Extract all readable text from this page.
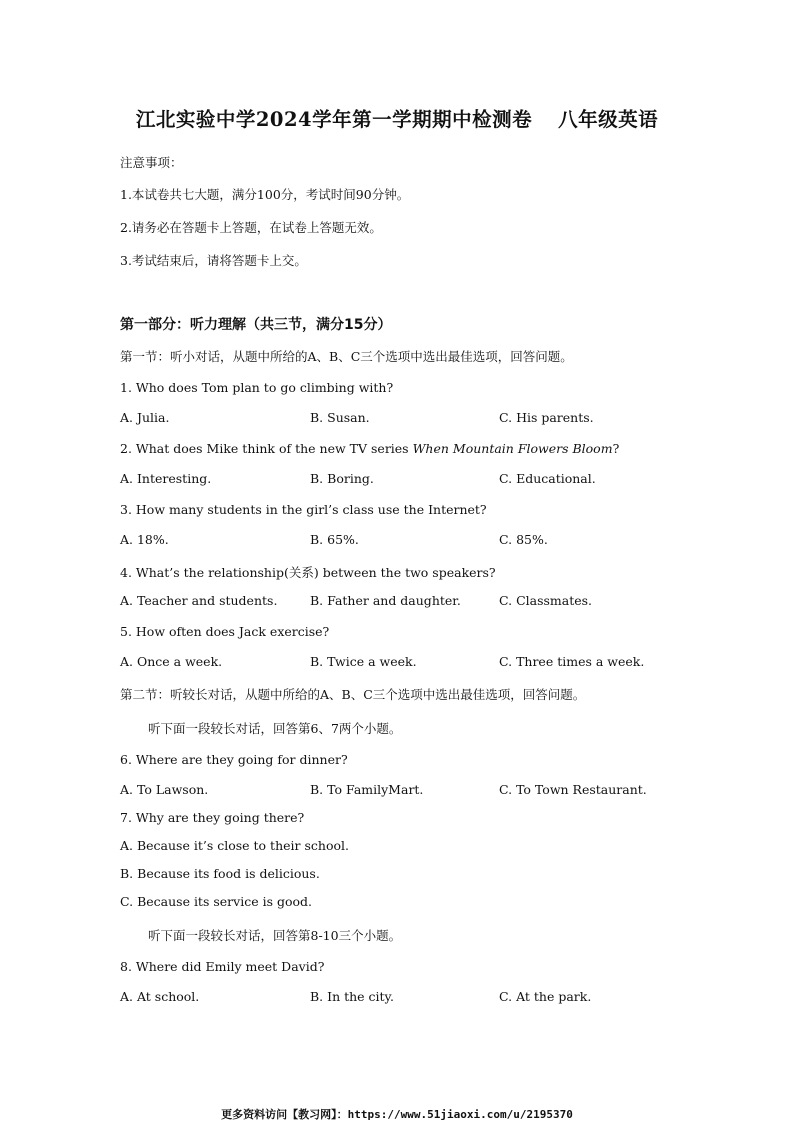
江北实验中学2024学年第一学期期中检测卷 八年级英语
注意事项：
1.本试卷共七大题，满分100分，考试时间90分钟。
2.请务必在答题卡上答题，在试卷上答题无效。
3.考试结束后，请将答题卡上交。
第一部分：听力理解（共三节，满分15分）
第一节：听小对话，从题中所给的A、B、C三个选项中选出最佳选项，回答问题。
1. Who does Tom plan to go climbing with?
A. Julia.	B. Susan.	C. His parents.
2. What does Mike think of the new TV series When Mountain Flowers Bloom?
A. Interesting.	B. Boring.	C. Educational.
3. How many students in the girl’s class use the Internet?
A. 18%.	B. 65%.	C. 85%.
4. What’s the relationship(关系) between the two speakers?
A. Teacher and students.	B. Father and daughter.	C. Classmates.
5. How often does Jack exercise?
A. Once a week.	B. Twice a week.	C. Three times a week.
第二节：听较长对话，从题中所给的A、B、C三个选项中选出最佳选项，回答问题。
听下面一段较长对话，回答第6、7两个小题。
6. Where are they going for dinner?
A. To Lawson.	B. To FamilyMart.	C. To Town Restaurant.
7. Why are they going there?
A. Because it’s close to their school.
B. Because its food is delicious.
C. Because its service is good.
听下面一段较长对话，回答第8-10三个小题。
8. Where did Emily meet David?
A. At school.	B. In the city.	C. At the park.
更多资料访问【教习网】：https://www.51jiaoxi.com/u/2195370
